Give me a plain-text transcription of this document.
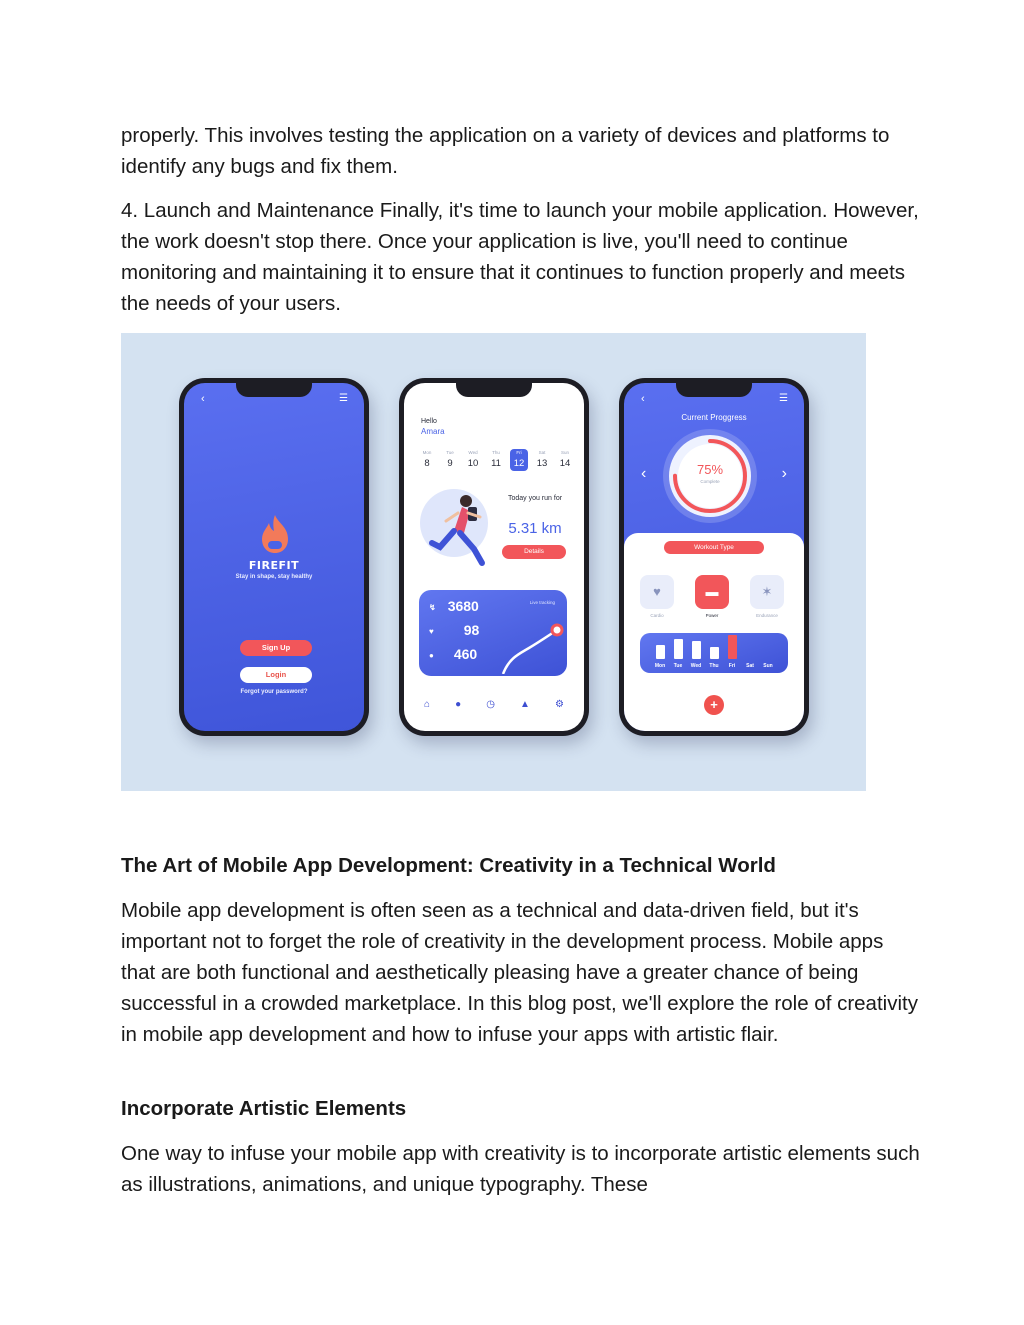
properly. This involves testing the application on a variety of devices and platforms to identify any bugs and fix them.

4. Launch and Maintenance Finally, it's time to launch your mobile application. However, the work doesn't stop there. Once your application is live, you'll need to continue monitoring and maintaining it to ensure that it continues to function properly and meets the needs of your users.

‹	☰
FIREFIT
Stay in shape, stay healthy
Sign Up
Login
Forgot your password?
Hello
Amara
Mon
8
Tue
9
Wed
10
Thu
11
Fri
12
Sat
13
Sun
14
Today you run for
5.31 km
Details
↯ 3680
♥ 98
● 460
Live tracking
⌂	●	◷	▲	⚙
‹	☰
Current Proggress
‹	›
75%
Complete
Workout Type
♥	▬	✶
Cardio	Power	Endurance
Mon	Tue	Wed	Thu	Fri	Sat	Sun
+
The Art of Mobile App Development: Creativity in a Technical World

Mobile app development is often seen as a technical and data-driven field, but it's important not to forget the role of creativity in the development process. Mobile apps that are both functional and aesthetically pleasing have a greater chance of being successful in a crowded marketplace. In this blog post, we'll explore the role of creativity in mobile app development and how to infuse your apps with artistic flair.

Incorporate Artistic Elements

One way to infuse your mobile app with creativity is to incorporate artistic elements such as illustrations, animations, and unique typography. These
